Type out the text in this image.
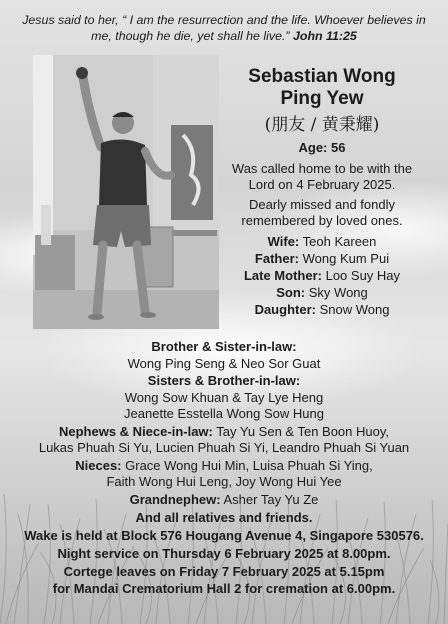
Jesus said to her, “ I am the resurrection and the life. Whoever believes in me, though he die, yet shall he live.” John 11:25
Sebastian Wong
Ping Yew
(朋友 / 黄秉耀)
Age: 56
Was called home to be with the Lord on 4 February 2025.
Dearly missed and fondly remembered by loved ones.
Wife: Teoh Kareen
Father: Wong Kum Pui
Late Mother: Loo Suy Hay
Son: Sky Wong
Daughter: Snow Wong
Brother & Sister-in-law:
Wong Ping Seng & Neo Sor Guat
Sisters & Brother-in-law:
Wong Sow Khuan & Tay Lye Heng
Jeanette Esstella Wong Sow Hung
Nephews & Niece-in-law: Tay Yu Sen & Ten Boon Huoy,
Lukas Phuah Si Yu, Lucien Phuah Si Yi, Leandro Phuah Si Yuan
Nieces: Grace Wong Hui Min, Luisa Phuah Si Ying,
Faith Wong Hui Leng, Joy Wong Hui Yee
Grandnephew: Asher Tay Yu Ze
And all relatives and friends.
Wake is held at Block 576 Hougang Avenue 4, Singapore 530576.
Night service on Thursday 6 February 2025 at 8.00pm.
Cortege leaves on Friday 7 February 2025 at 5.15pm
for Mandai Crematorium Hall 2 for cremation at 6.00pm.
